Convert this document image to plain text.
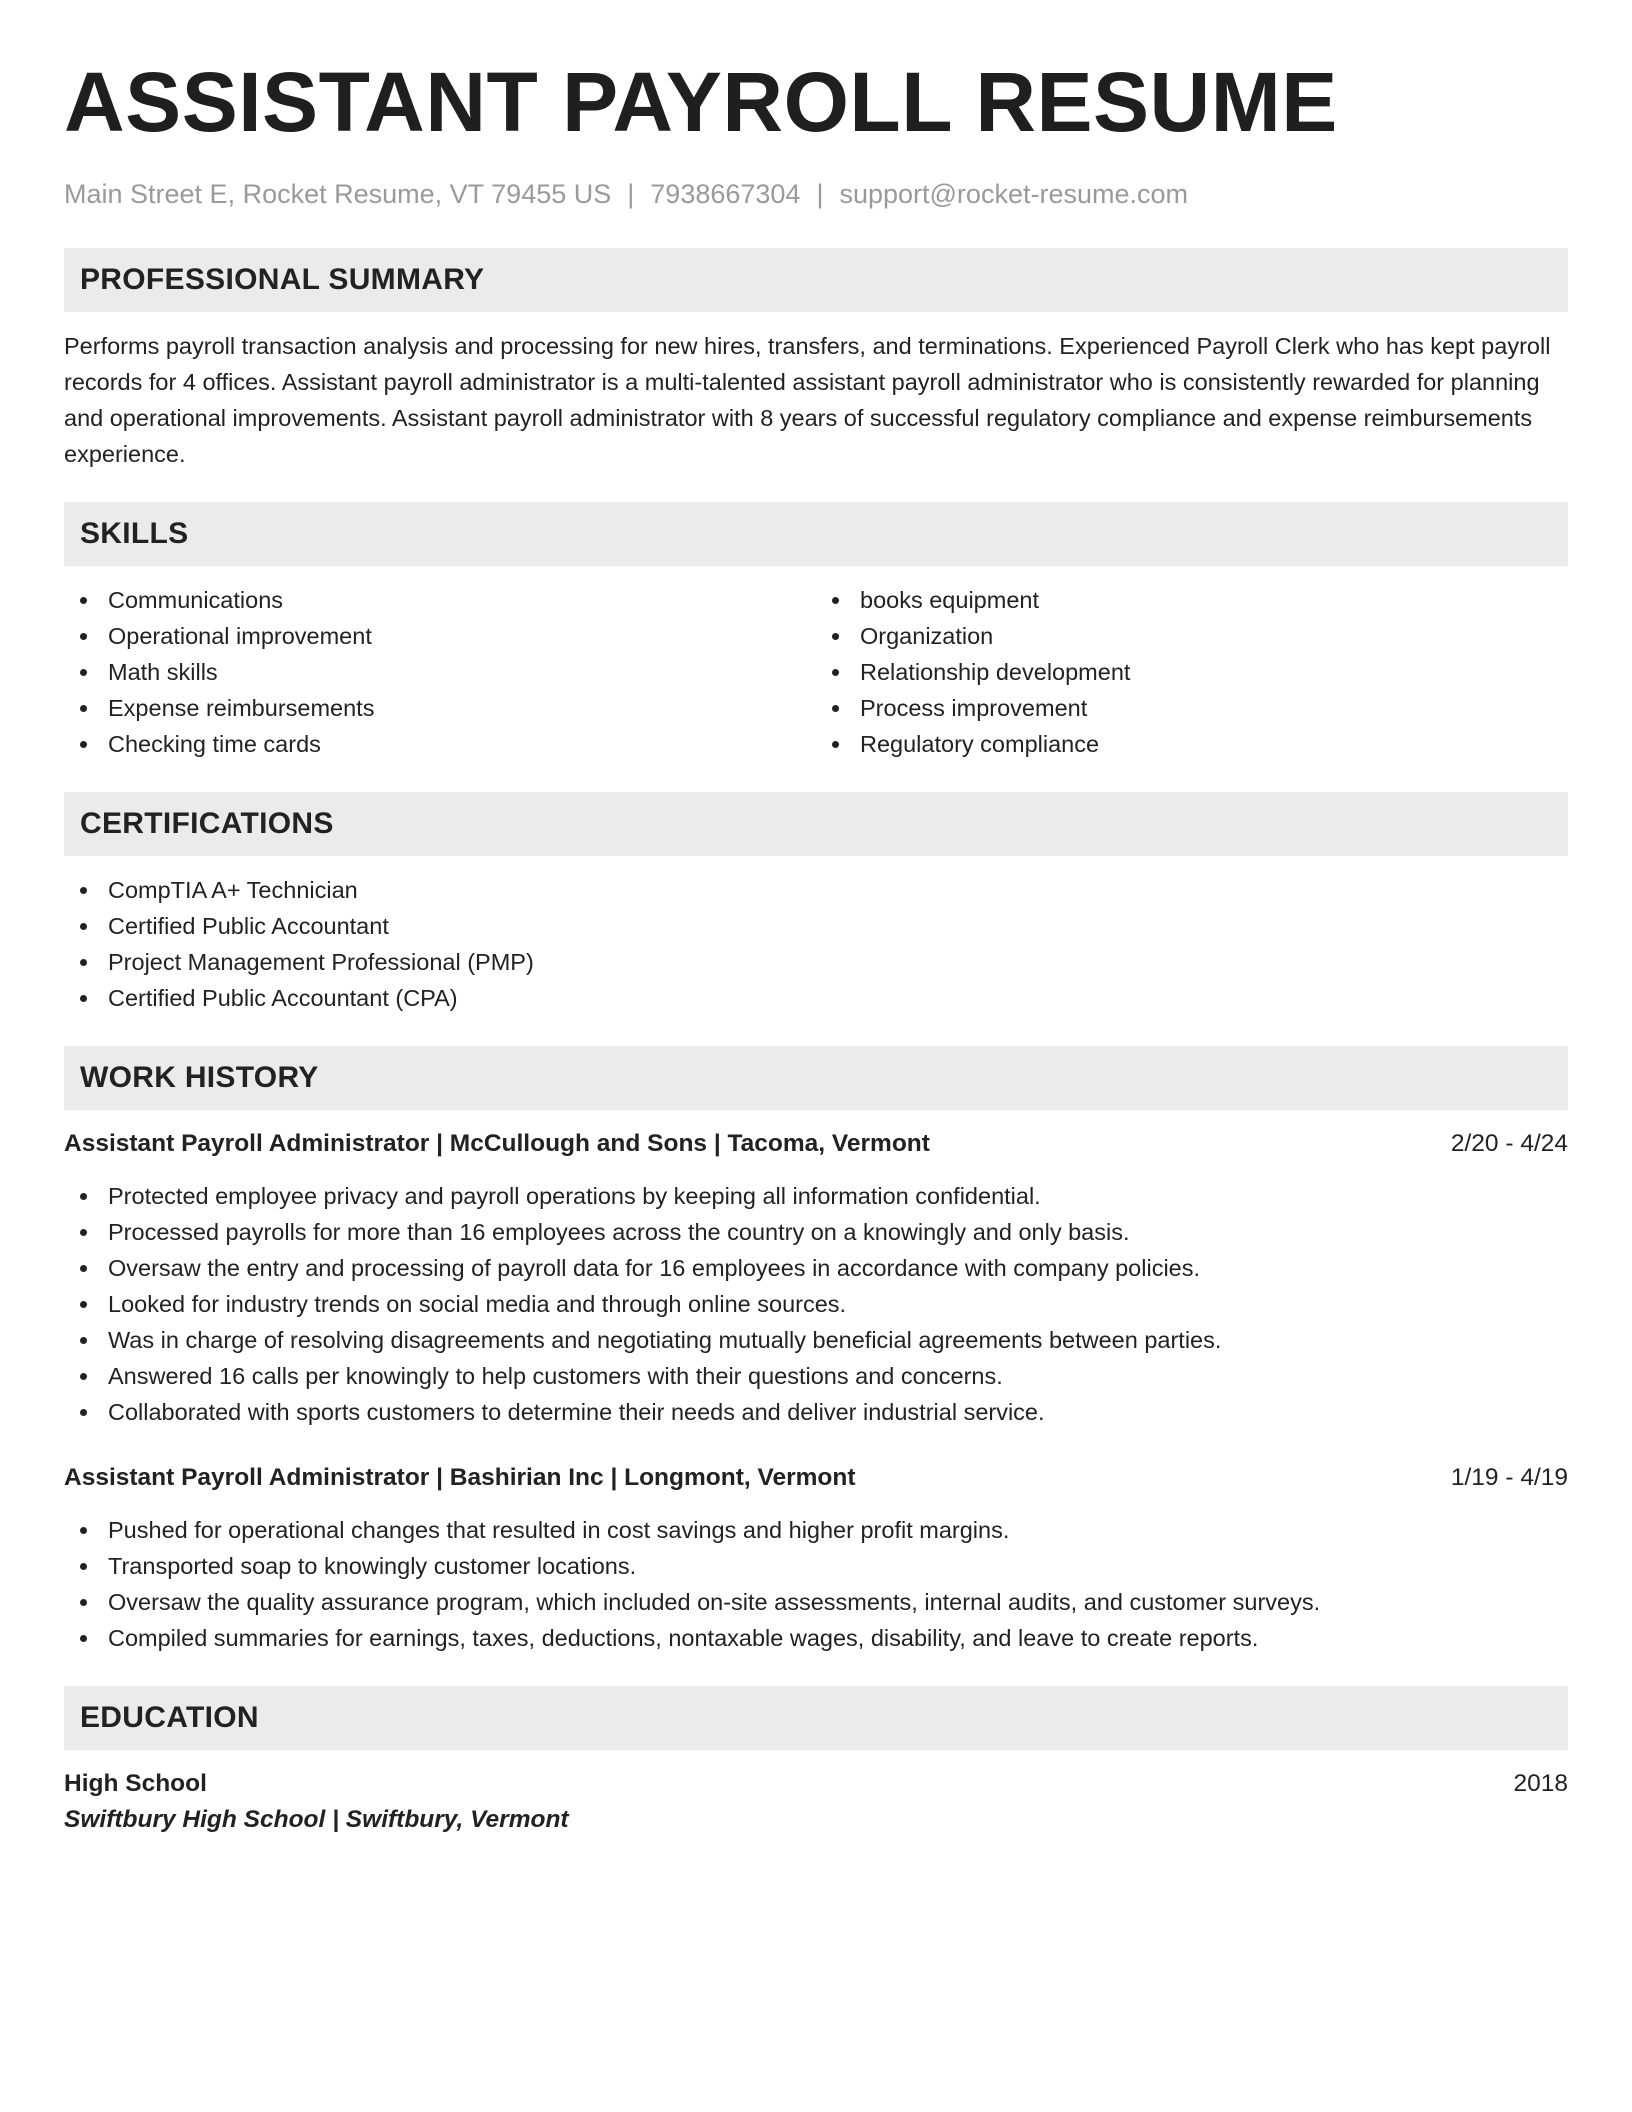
ASSISTANT PAYROLL RESUME
Main Street E, Rocket Resume, VT 79455 US | 7938667304 | support@rocket-resume.com
PROFESSIONAL SUMMARY

Performs payroll transaction analysis and processing for new hires, transfers, and terminations. Experienced Payroll Clerk who has kept payroll records for 4 offices. Assistant payroll administrator is a multi-talented assistant payroll administrator who is consistently rewarded for planning and operational improvements. Assistant payroll administrator with 8 years of successful regulatory compliance and expense reimbursements experience.

SKILLS
Communications
Operational improvement
Math skills
Expense reimbursements
Checking time cards
books equipment
Organization
Relationship development
Process improvement
Regulatory compliance
CERTIFICATIONS
CompTIA A+ Technician
Certified Public Accountant
Project Management Professional (PMP)
Certified Public Accountant (CPA)
WORK HISTORY
Assistant Payroll Administrator | McCullough and Sons | Tacoma, Vermont	2/20 - 4/24
Protected employee privacy and payroll operations by keeping all information confidential.
Processed payrolls for more than 16 employees across the country on a knowingly and only basis.
Oversaw the entry and processing of payroll data for 16 employees in accordance with company policies.
Looked for industry trends on social media and through online sources.
Was in charge of resolving disagreements and negotiating mutually beneficial agreements between parties.
Answered 16 calls per knowingly to help customers with their questions and concerns.
Collaborated with sports customers to determine their needs and deliver industrial service.
Assistant Payroll Administrator | Bashirian Inc | Longmont, Vermont	1/19 - 4/19
Pushed for operational changes that resulted in cost savings and higher profit margins.
Transported soap to knowingly customer locations.
Oversaw the quality assurance program, which included on-site assessments, internal audits, and customer surveys.
Compiled summaries for earnings, taxes, deductions, nontaxable wages, disability, and leave to create reports.
EDUCATION
High School	2018
Swiftbury High School | Swiftbury, Vermont
